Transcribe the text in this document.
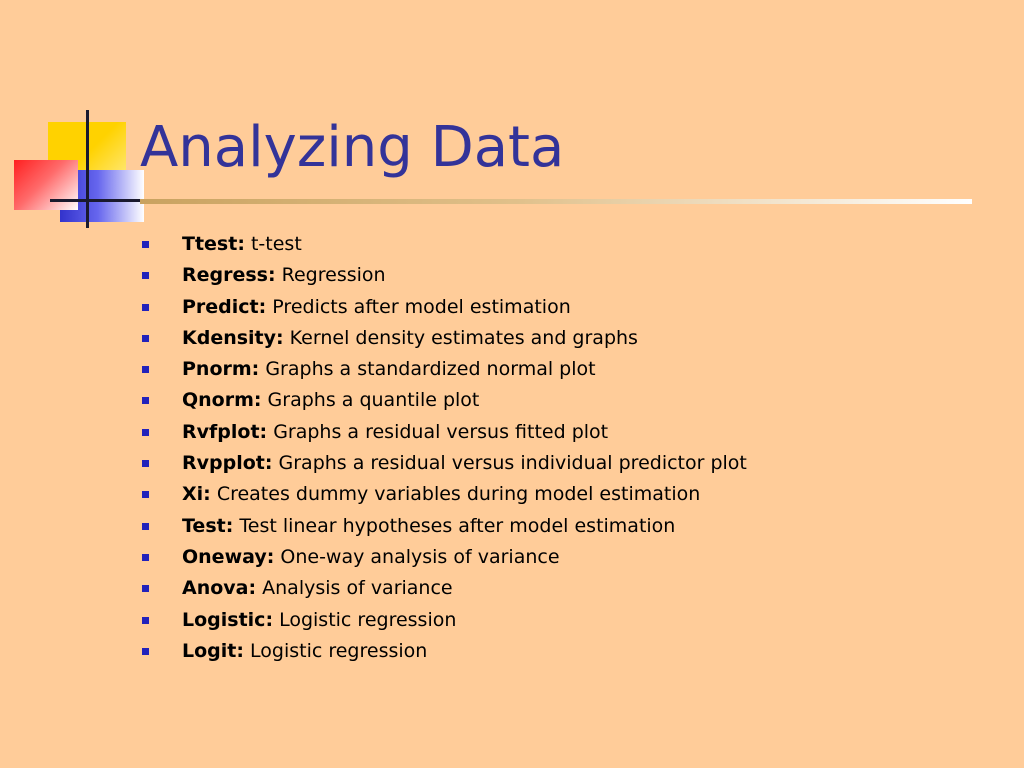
Analyzing Data
Ttest: t-test
Regress: Regression
Predict: Predicts after model estimation
Kdensity: Kernel density estimates and graphs
Pnorm: Graphs a standardized normal plot
Qnorm: Graphs a quantile plot
Rvfplot: Graphs a residual versus fitted plot
Rvpplot: Graphs a residual versus individual predictor plot
Xi: Creates dummy variables during model estimation
Test: Test linear hypotheses after model estimation
Oneway: One-way analysis of variance
Anova: Analysis of variance
Logistic: Logistic regression
Logit: Logistic regression
